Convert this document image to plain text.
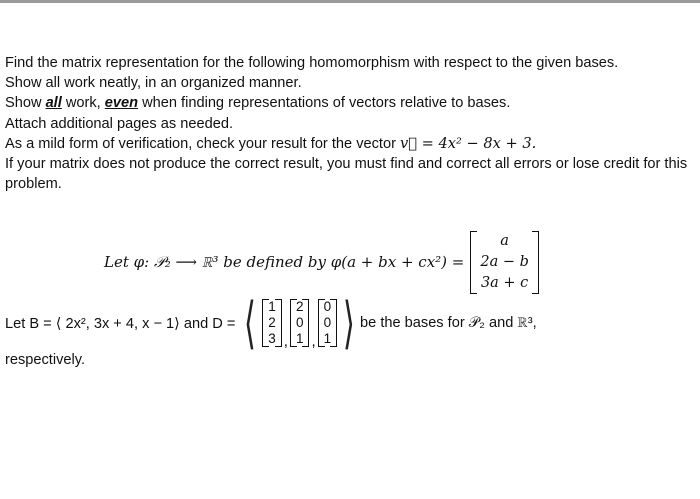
Find the matrix representation for the following homomorphism with respect to the given bases.
Show all work neatly, in an organized manner.
Show all work, even when finding representations of vectors relative to bases.
Attach additional pages as needed.
As a mild form of verification, check your result for the vector v⃗ = 4x² − 8x + 3.
If your matrix does not produce the correct result, you must find and correct all errors or lose credit for this problem.
Let φ: 𝒫₂ ⟶ ℝ³ be defined by φ(a + bx + cx²) =
a
2a − b
3a + c
Let B = ⟨ 2x², 3x + 4, x − 1⟩ and D = ⟨ 1
2
3 ,
2
0
1 ,
0
0
1 ⟩ be the bases for 𝒫₂ and ℝ³,
respectively.
